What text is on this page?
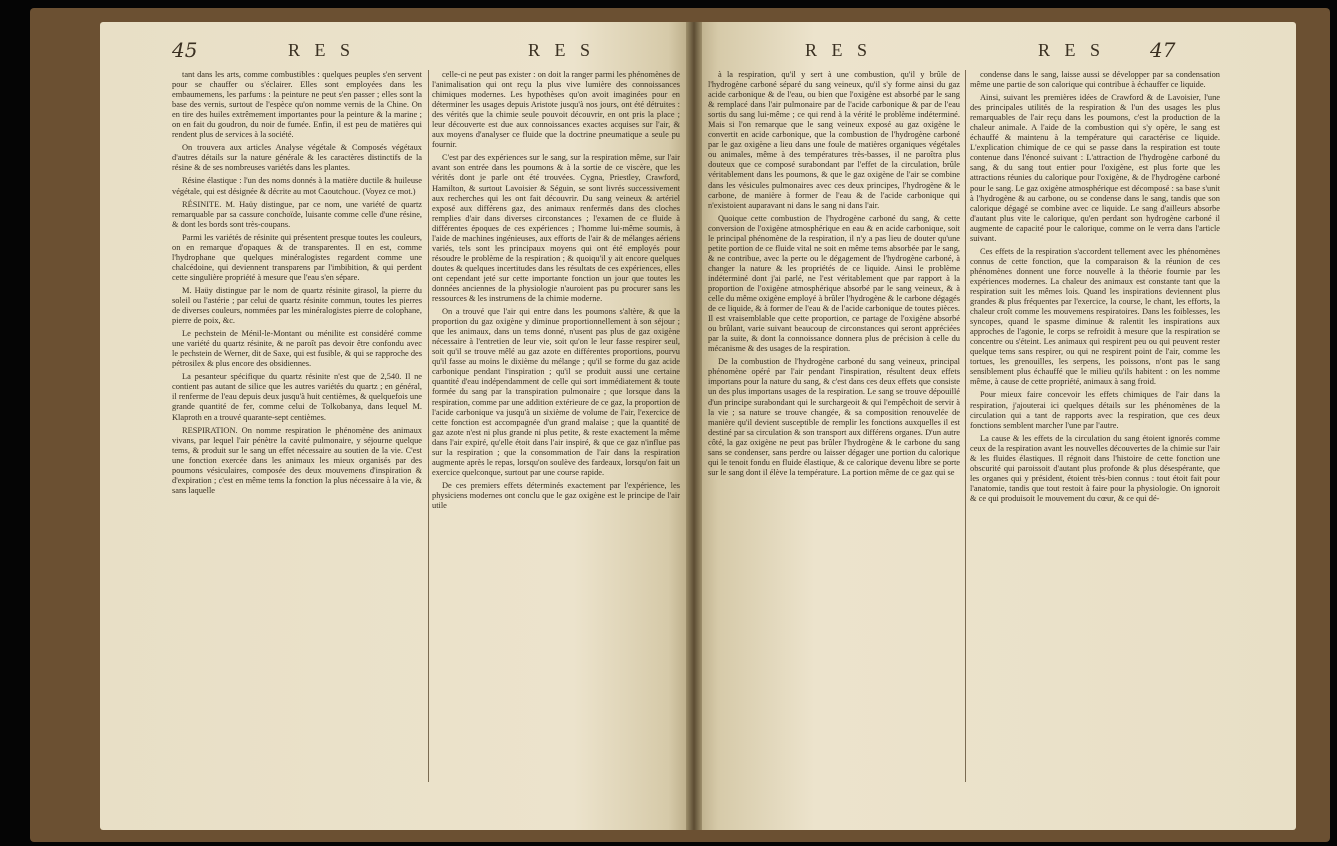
45	R E S	R E S

tant dans les arts, comme combustibles : quelques peuples s'en servent pour se chauffer ou s'éclairer. Elles sont employées dans les embaumemens, les parfums : la peinture ne peut s'en passer ; elles sont la base des vernis, surtout de l'espèce qu'on nomme vernis de la Chine. On en tire des huiles extrêmement importantes pour la peinture & la marine ; on en fait du goudron, du noir de fumée. Enfin, il est peu de matières qui rendent plus de services à la société.

On trouvera aux articles Analyse végétale & Composés végétaux d'autres détails sur la nature générale & les caractères distinctifs de la résine & de ses nombreuses variétés dans les plantes.

Résine élastique : l'un des noms donnés à la matière ductile & huileuse végétale, qui est désignée & décrite au mot Caoutchouc. (Voyez ce mot.)

RÉSINITE. M. Haüy distingue, par ce nom, une variété de quartz remarquable par sa cassure conchoïde, luisante comme celle d'une résine, & dont les bords sont très-coupans.

Parmi les variétés de résinite qui présentent presque toutes les couleurs, on en remarque d'opaques & de transparentes. Il en est, comme l'hydrophane que quelques minéralogistes regardent comme une chalcédoine, qui deviennent transparens par l'imbibition, & qui perdent cette singulière propriété à mesure que l'eau s'en sépare.

M. Haüy distingue par le nom de quartz résinite girasol, la pierre du soleil ou l'astérie ; par celui de quartz résinite commun, toutes les pierres de diverses couleurs, nommées par les minéralogistes pierre de colophane, pierre de poix, &c.

Le pechstein de Ménil-le-Montant ou ménilite est considéré comme une variété du quartz résinite, & ne paroît pas devoir être confondu avec le pechstein de Werner, dit de Saxe, qui est fusible, & qui se rapproche des pétrosilex & plus encore des obsidiennes.

La pesanteur spécifique du quartz résinite n'est que de 2,540. Il ne contient pas autant de silice que les autres variétés du quartz ; en général, il renferme de l'eau depuis deux jusqu'à huit centièmes, & quelquefois une grande quantité de fer, comme celui de Tolkobanya, dans lequel M. Klaproth en a trouvé quarante-sept centièmes.

RESPIRATION. On nomme respiration le phénomène des animaux vivans, par lequel l'air pénètre la cavité pulmonaire, y séjourne quelque tems, & produit sur le sang un effet nécessaire au soutien de la vie. C'est une fonction exercée dans les animaux les mieux organisés par des poumons vésiculaires, composée des deux mouvemens d'inspiration & d'expiration ; c'est en même tems la fonction la plus nécessaire à la vie, & sans laquelle

celle-ci ne peut pas exister : on doit la ranger parmi les phénomènes de l'animalisation qui ont reçu la plus vive lumière des connoissances chimiques modernes. Les hypothèses qu'on avoit imaginées pour en déterminer les usages depuis Aristote jusqu'à nos jours, ont été détruites : des vérités que la chimie seule pouvoit découvrir, en ont pris la place ; leur découverte est due aux connoissances exactes acquises sur l'air, & aux moyens d'analyser ce fluide que la doctrine pneumatique a seule pu fournir.

C'est par des expériences sur le sang, sur la respiration même, sur l'air avant son entrée dans les poumons & à la sortie de ce viscère, que les vérités dont je parle ont été trouvées. Cygna, Priestley, Crawford, Hamilton, & surtout Lavoisier & Séguin, se sont livrés successivement aux recherches qui les ont fait découvrir. Du sang veineux & artériel exposé aux différens gaz, des animaux renfermés dans des cloches remplies d'air dans diverses circonstances ; l'examen de ce fluide à différentes époques de ces expériences ; l'homme lui-même soumis, à l'aide de machines ingénieuses, aux efforts de l'air & de mélanges aériens variés, tels sont les principaux moyens qui ont été employés pour résoudre le problème de la respiration ; & quoiqu'il y ait encore quelques doutes & quelques incertitudes dans les résultats de ces expériences, elles ont cependant jeté sur cette importante fonction un jour que toutes les données anciennes de la physiologie n'auroient pas pu procurer sans les ressources & les instrumens de la chimie moderne.

On a trouvé que l'air qui entre dans les poumons s'altère, & que la proportion du gaz oxigène y diminue proportionnellement à son séjour ; que les animaux, dans un tems donné, n'usent pas plus de gaz oxigène nécessaire à l'entretien de leur vie, soit qu'on le leur fasse respirer seul, soit qu'il se trouve mêlé au gaz azote en différentes proportions, pourvu qu'il fasse au moins le dixième du mélange ; qu'il se forme du gaz acide carbonique pendant l'inspiration ; qu'il se produit aussi une certaine quantité d'eau indépendamment de celle qui sort immédiatement & toute formée du sang par la transpiration pulmonaire ; que lorsque dans la respiration, comme par une addition extérieure de ce gaz, la proportion de l'acide carbonique va jusqu'à un sixième de volume de l'air, l'exercice de cette fonction est accompagnée d'un grand malaise ; que la quantité de gaz azote n'est ni plus grande ni plus petite, & reste exactement la même dans l'air expiré, qu'elle étoit dans l'air inspiré, & que ce gaz n'influe pas sur la respiration ; que la consommation de l'air dans la respiration augmente après le repas, lorsqu'on soulève des fardeaux, lorsqu'on fait un exercice quelconque, surtout par une course rapide.

De ces premiers effets déterminés exactement par l'expérience, les physiciens modernes ont conclu que le gaz oxigène est le principe de l'air utile

R E S	R E S 47

à la respiration, qu'il y sert à une combustion, qu'il y brûle de l'hydrogène carboné séparé du sang veineux, qu'il s'y forme ainsi du gaz acide carbonique & de l'eau, ou bien que l'oxigène est absorbé par le sang & remplacé dans l'air pulmonaire par de l'acide carbonique & par de l'eau sortis du sang lui-même ; ce qui rend à la vérité le problème indéterminé. Mais si l'on remarque que le sang veineux exposé au gaz oxigène le convertit en acide carbonique, que la combustion de l'hydrogène carboné par le gaz oxigène a lieu dans une foule de matières organiques végétales ou animales, même à des températures très-basses, il ne paroîtra plus douteux que ce composé surabondant par l'effet de la circulation, brûle véritablement dans les poumons, & que le gaz oxigène de l'air se combine dans les vésicules pulmonaires avec ces deux principes, l'hydrogène & le carbone, de manière à former de l'eau & de l'acide carbonique qui n'existoient auparavant ni dans le sang ni dans l'air.

Quoique cette combustion de l'hydrogène carboné du sang, & cette conversion de l'oxigène atmosphérique en eau & en acide carbonique, soit le principal phénomène de la respiration, il n'y a pas lieu de douter qu'une petite portion de ce fluide vital ne soit en même tems absorbée par le sang, & ne contribue, avec la perte ou le dégagement de l'hydrogène carboné, à changer la nature & les propriétés de ce liquide. Ainsi le problème indéterminé dont j'ai parlé, ne l'est véritablement que par rapport à la proportion de l'oxigène atmosphérique absorbé par le sang veineux, & à celle du même oxigène employé à brûler l'hydrogène & le carbone dégagés de ce liquide, & à former de l'eau & de l'acide carbonique de toutes pièces. Il est vraisemblable que cette proportion, ce partage de l'oxigène absorbé ou brûlant, varie suivant beaucoup de circonstances qui seront appréciées par la suite, & dont la connoissance donnera plus de précision à celle du mécanisme & des usages de la respiration.

De la combustion de l'hydrogène carboné du sang veineux, principal phénomène opéré par l'air pendant l'inspiration, résultent deux effets importans pour la nature du sang, & c'est dans ces deux effets que consiste un des plus importans usages de la respiration. Le sang se trouve dépouillé d'un principe surabondant qui le surchargeoit & qui l'empêchoit de servir à la vie ; sa nature se trouve changée, & sa composition renouvelée de manière qu'il devient susceptible de remplir les fonctions auxquelles il est destiné par sa circulation & son transport aux différens organes. D'un autre côté, la gaz oxigène ne peut pas brûler l'hydrogène & le carbone du sang sans se condenser, sans perdre ou laisser dégager une portion du calorique qui le tenoit fondu en fluide élastique, & ce calorique devenu libre se porte sur le sang dont il élève la température. La portion même de ce gaz qui se

condense dans le sang, laisse aussi se développer par sa condensation même une partie de son calorique qui contribue à échauffer ce liquide.

Ainsi, suivant les premières idées de Crawford & de Lavoisier, l'une des principales utilités de la respiration & l'un des usages les plus remarquables de l'air reçu dans les poumons, c'est la production de la chaleur animale. A l'aide de la combustion qui s'y opère, le sang est échauffé & maintenu à la température qui caractérise ce liquide. L'explication chimique de ce qui se passe dans la respiration est toute contenue dans l'énoncé suivant : L'attraction de l'hydrogène carboné du sang, & du sang tout entier pour l'oxigène, est plus forte que les attractions réunies du calorique pour l'oxigène, & de l'hydrogène carboné pour le sang. Le gaz oxigène atmosphérique est décomposé : sa base s'unit à l'hydrogène & au carbone, ou se condense dans le sang, tandis que son calorique dégagé se combine avec ce liquide. Le sang d'ailleurs absorbe d'autant plus vite le calorique, qu'en perdant son hydrogène carboné il augmente de capacité pour le calorique, comme on le verra dans l'article suivant.

Ces effets de la respiration s'accordent tellement avec les phénomènes connus de cette fonction, que la comparaison & la réunion de ces phénomènes donnent une force nouvelle à la théorie fournie par les expériences modernes. La chaleur des animaux est constante tant que la respiration suit les mêmes lois. Quand les inspirations deviennent plus grandes & plus fréquentes par l'exercice, la course, le chant, les efforts, la chaleur croît comme les mouvemens respiratoires. Dans les foiblesses, les syncopes, quand le spasme diminue & ralentit les inspirations aux approches de l'agonie, le corps se refroidit à mesure que la respiration se concentre ou s'éteint. Les animaux qui respirent peu ou qui peuvent rester quelque tems sans respirer, ou qui ne respirent point de l'air, comme les tortues, les grenouilles, les serpens, les poissons, n'ont pas le sang sensiblement plus échauffé que le milieu qu'ils habitent : on les nomme même, à cause de cette propriété, animaux à sang froid.

Pour mieux faire concevoir les effets chimiques de l'air dans la respiration, j'ajouterai ici quelques détails sur les phénomènes de la circulation qui a tant de rapports avec la respiration, que ces deux fonctions semblent marcher l'une par l'autre.

La cause & les effets de la circulation du sang étoient ignorés comme ceux de la respiration avant les nouvelles découvertes de la chimie sur l'air & les fluides élastiques. Il régnoit dans l'histoire de cette fonction une obscurité qui paroissoit d'autant plus profonde & plus désespérante, que les organes qui y président, étoient très-bien connus : tout étoit fait pour l'anatomie, tandis que tout restoit à faire pour la physiologie. On ignoroit & ce qui produisoit le mouvement du cœur, & ce qui dé-
